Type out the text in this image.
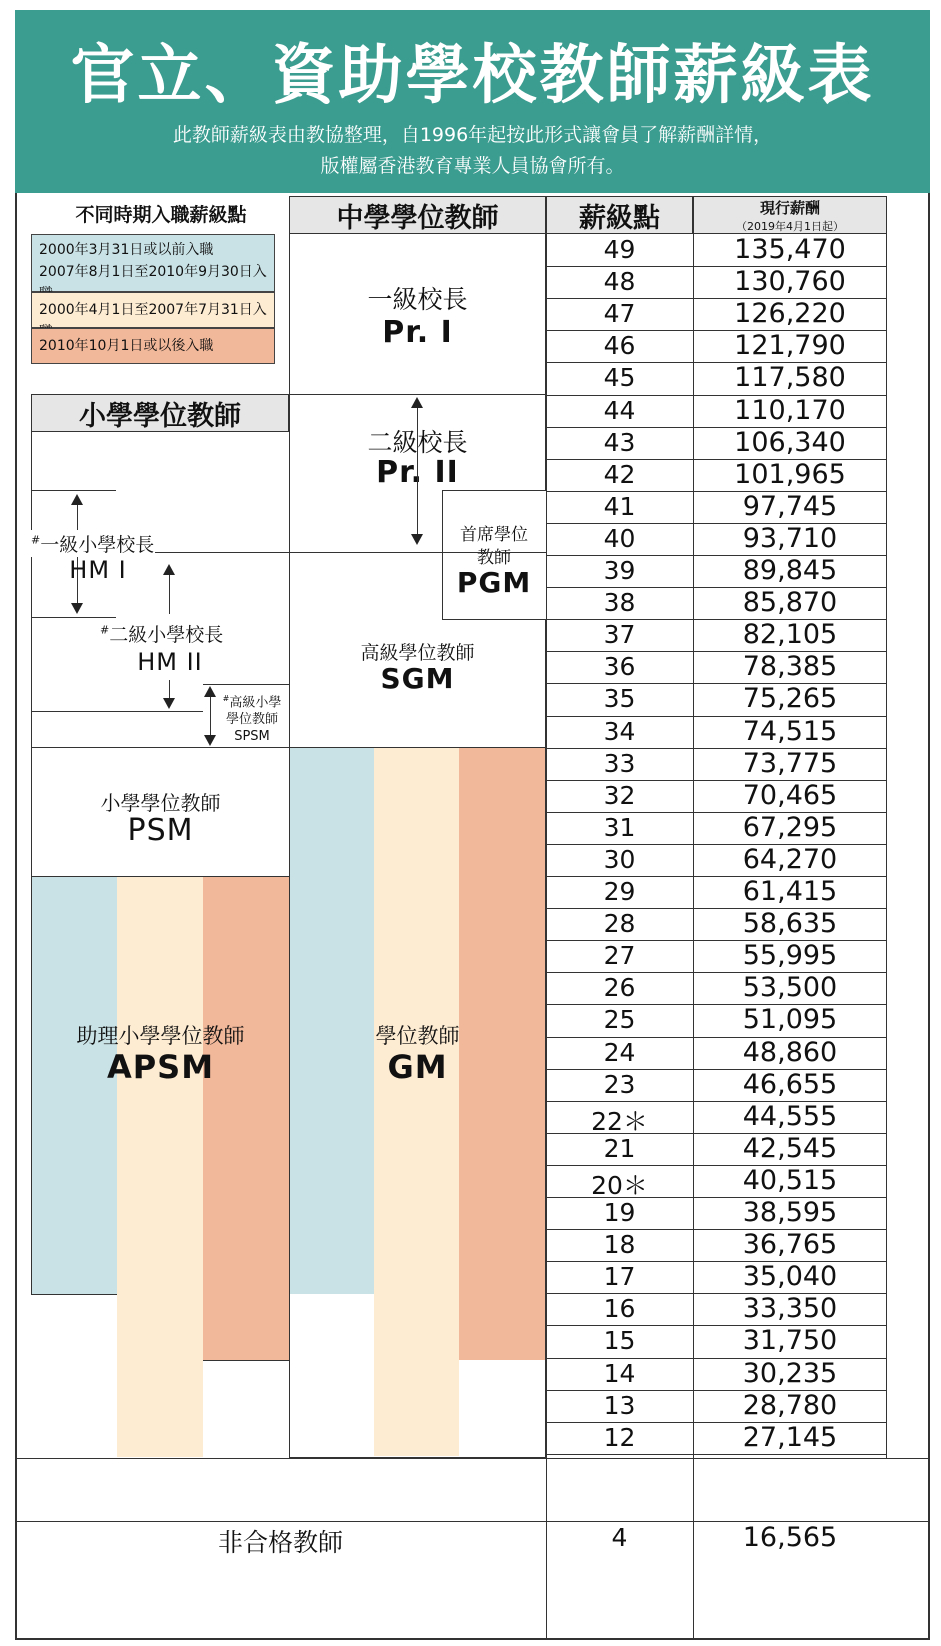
官立、資助學校教師薪級表
此教師薪級表由教協整理，自1996年起按此形式讓會員了解薪酬詳情，
版權屬香港教育專業人員協會所有。
不同時期入職薪級點
2000年3月31日或以前入職
2007年8月1日至2010年9月30日入
2000年4月1日至2007年7月31日入
2010年10月1日或以後入職
中學學位教師	薪級點	現行薪酬
（2019年4月1日起）
小學學位教師
一級校長
Pr. I
二級校長
Pr. II
首席學位
教師
PGM
高級學位教師
SGM
學位教師
GM
#一級小學校長
HM I
#二級小學校長
HM II
#高級小學
學位教師
SPSM
小學學位教師
PSM
助理小學學位教師
APSM
49	135,470
48	130,760
47	126,220
46	121,790
45	117,580
44	110,170
43	106,340
42	101,965
41	97,745
40	93,710
39	89,845
38	85,870
37	82,105
36	78,385
35	75,265
34	74,515
33	73,775
32	70,465
31	67,295
30	64,270
29	61,415
28	58,635
27	55,995
26	53,500
25	51,095
24	48,860
23	46,655
22＊	44,555
21	42,545
20＊	40,515
19	38,595
18	36,765
17	35,040
16	33,350
15	31,750
14	30,235
13	28,780
12	27,145
非合格教師	4	16,565
